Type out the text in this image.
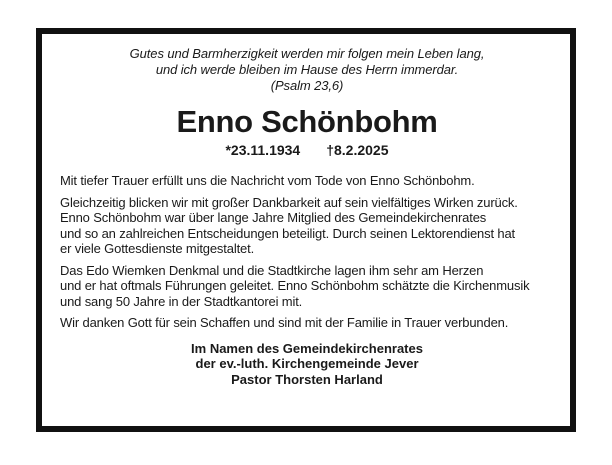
Gutes und Barmherzigkeit werden mir folgen mein Leben lang,
und ich werde bleiben im Hause des Herrn immerdar.
(Psalm 23,6)
Enno Schönbohm
*23.11.1934 †8.2.2025

Mit tiefer Trauer erfüllt uns die Nachricht vom Tode von Enno Schönbohm.

Gleichzeitig blicken wir mit großer Dankbarkeit auf sein vielfältiges Wirken zurück.
Enno Schönbohm war über lange Jahre Mitglied des Gemeindekirchenrates
und so an zahlreichen Entscheidungen beteiligt. Durch seinen Lektorendienst hat
er viele Gottesdienste mitgestaltet.

Das Edo Wiemken Denkmal und die Stadtkirche lagen ihm sehr am Herzen
und er hat oftmals Führungen geleitet. Enno Schönbohm schätzte die Kirchenmusik
und sang 50 Jahre in der Stadtkantorei mit.

Wir danken Gott für sein Schaffen und sind mit der Familie in Trauer verbunden.

Im Namen des Gemeindekirchenrates
der ev.-luth. Kirchengemeinde Jever
Pastor Thorsten Harland
